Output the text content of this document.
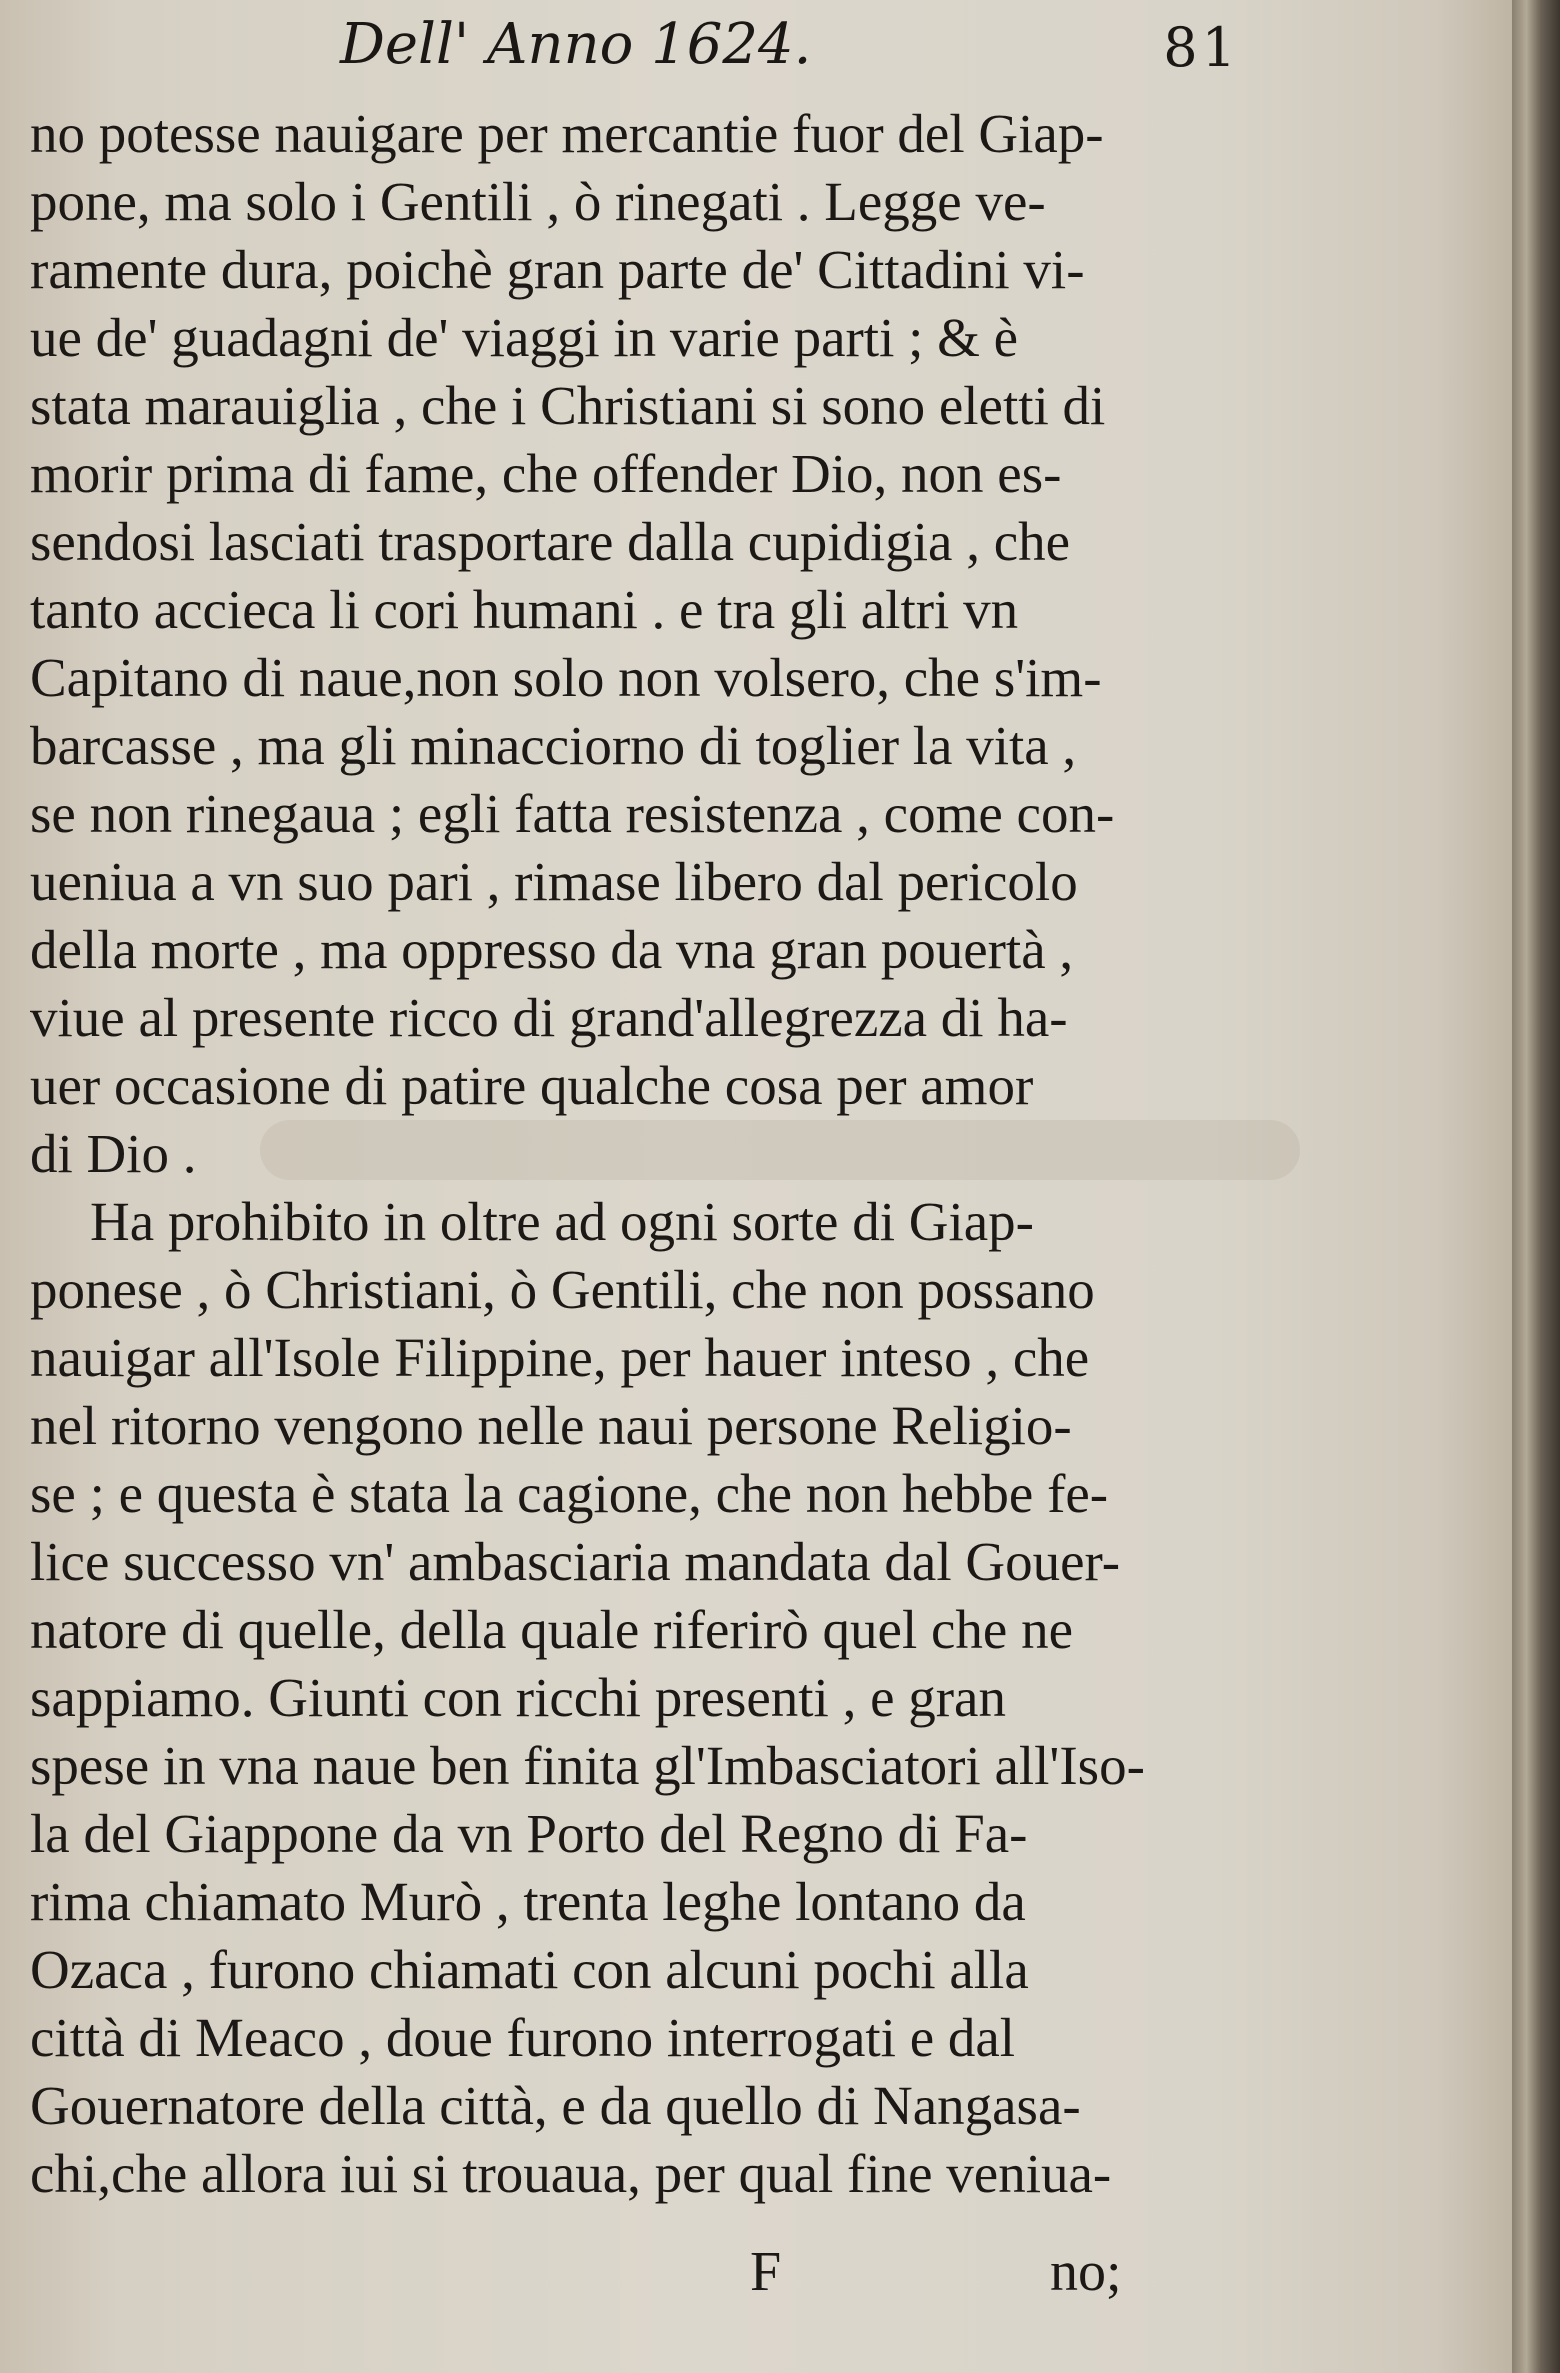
Dell' Anno 1624.	81
no potesse nauigare per mercantie fuor del Giap-
pone, ma solo i Gentili , ò rinegati . Legge ve-
ramente dura, poichè gran parte de' Cittadini vi-
ue de' guadagni de' viaggi in varie parti ; & è
stata marauiglia , che i Christiani si sono eletti di
morir prima di fame, che offender Dio, non es-
sendosi lasciati trasportare dalla cupidigia , che
tanto accieca li cori humani . e tra gli altri vn
Capitano di naue,non solo non volsero, che s'im-
barcasse , ma gli minacciorno di toglier la vita ,
se non rinegaua ; egli fatta resistenza , come con-
ueniua a vn suo pari , rimase libero dal pericolo
della morte , ma oppresso da vna gran pouertà ,
viue al presente ricco di grand'allegrezza di ha-
uer occasione di patire qualche cosa per amor
di Dio .
Ha prohibito in oltre ad ogni sorte di Giap-
ponese , ò Christiani, ò Gentili, che non possano
nauigar all'Isole Filippine, per hauer inteso , che
nel ritorno vengono nelle naui persone Religio-
se ; e questa è stata la cagione, che non hebbe fe-
lice successo vn' ambasciaria mandata dal Gouer-
natore di quelle, della quale riferirò quel che ne
sappiamo. Giunti con ricchi presenti , e gran
spese in vna naue ben finita gl'Imbasciatori all'Iso-
la del Giappone da vn Porto del Regno di Fa-
rima chiamato Murò , trenta leghe lontano da
Ozaca , furono chiamati con alcuni pochi alla
città di Meaco , doue furono interrogati e dal
Gouernatore della città, e da quello di Nangasa-
chi,che allora iui si trouaua, per qual fine veniua-
F	no;
